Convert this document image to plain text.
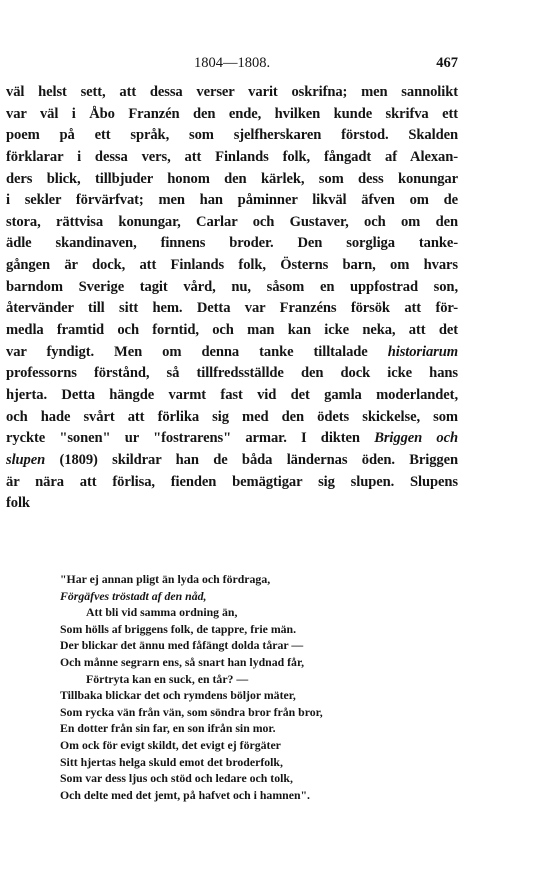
1804—1808.	467
väl helst sett, att dessa verser varit oskrifna; men sannolikt
var väl i Åbo Franzén den ende, hvilken kunde skrifva ett
poem på ett språk, som sjelfherskaren förstod. Skalden
förklarar i dessa vers, att Finlands folk, fångadt af Alexan-
ders blick, tillbjuder honom den kärlek, som dess konungar
i sekler förvärfvat; men han påminner likväl äfven om de
stora, rättvisa konungar, Carlar och Gustaver, och om den
ädle skandinaven, finnens broder. Den sorgliga tanke-
gången är dock, att Finlands folk, Österns barn, om hvars
barndom Sverige tagit vård, nu, såsom en uppfostrad son,
återvänder till sitt hem. Detta var Franzéns försök att för-
medla framtid och forntid, och man kan icke neka, att det
var fyndigt. Men om denna tanke tilltalade historiarum
professorns förstånd, så tillfredsställde den dock icke hans
hjerta. Detta hängde varmt fast vid det gamla moderlandet,
och hade svårt att förlika sig med den ödets skickelse, som
ryckte "sonen" ur "fostrarens" armar. I dikten Briggen och
slupen (1809) skildrar han de båda ländernas öden. Briggen
är nära att förlisa, fienden bemägtigar sig slupen. Slupens
folk
"Har ej annan pligt än lyda och fördraga,
Förgäfves tröstadt af den nåd,
Att bli vid samma ordning än,
Som hölls af briggens folk, de tappre, frie män.
Der blickar det ännu med fåfängt dolda tårar —
Och månne segrarn ens, så snart han lydnad får,
Förtryta kan en suck, en tår? —
Tillbaka blickar det och rymdens böljor mäter,
Som rycka vän från vän, som söndra bror från bror,
En dotter från sin far, en son ifrån sin mor.
Om ock för evigt skildt, det evigt ej förgäter
Sitt hjertas helga skuld emot det broderfolk,
Som var dess ljus och stöd och ledare och tolk,
Och delte med det jemt, på hafvet och i hamnen".
